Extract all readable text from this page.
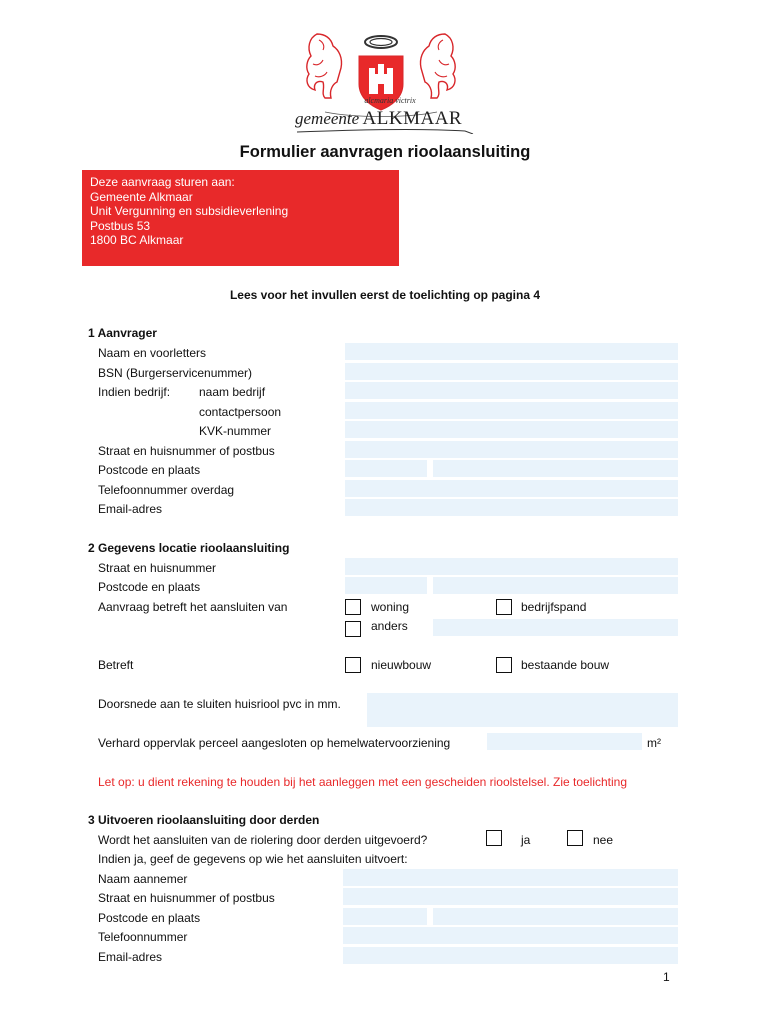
alcmaria victrix
gemeente ALKMAAR
Formulier aanvragen rioolaansluiting
Deze aanvraag sturen aan:
Gemeente Alkmaar
Unit Vergunning en subsidieverlening
Postbus 53
1800 BC Alkmaar
Lees voor het invullen eerst de toelichting op pagina 4
1 Aanvrager
Naam en voorletters
BSN (Burgerservicenummer)
Indien bedrijf: naam bedrijf
contactpersoon
KVK-nummer
Straat en huisnummer of postbus
Postcode en plaats
Telefoonnummer overdag
Email-adres
2 Gegevens locatie rioolaansluiting
Straat en huisnummer
Postcode en plaats
Aanvraag betreft het aansluiten van	woning	bedrijfspand
anders
Betreft	nieuwbouw	bestaande bouw
Doorsnede aan te sluiten huisriool pvc in mm.
Verhard oppervlak perceel aangesloten op hemelwatervoorziening	m²
Let op: u dient rekening te houden bij het aanleggen met een gescheiden rioolstelsel. Zie toelichting
3 Uitvoeren rioolaansluiting door derden
Wordt het aansluiten van de riolering door derden uitgevoerd?	ja	nee
Indien ja, geef de gegevens op wie het aansluiten uitvoert:
Naam aannemer
Straat en huisnummer of postbus
Postcode en plaats
Telefoonnummer
Email-adres
1
